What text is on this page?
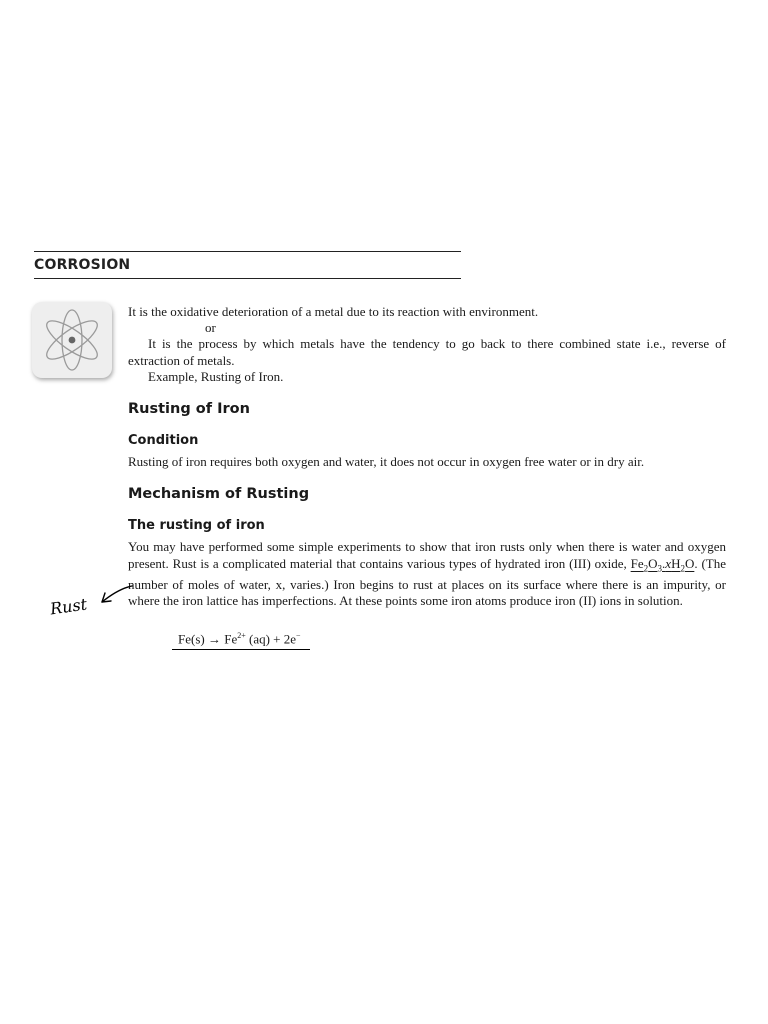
CORROSION
It is the oxidative deterioration of a metal due to its reaction with environment.
or
It is the process by which metals have the tendency to go back to there combined state i.e., reverse of extraction of metals.
Example, Rusting of Iron.
Rusting of Iron
Condition
Rusting of iron requires both oxygen and water, it does not occur in oxygen free water or in dry air.
Mechanism of Rusting
The rusting of iron
You may have performed some simple experiments to show that iron rusts only when there is water and oxygen present. Rust is a complicated material that contains various types of hydrated iron (III) oxide, $Fe_2O_3.xH_2O$. (The number of moles of water, x, varies.) Iron begins to rust at places on its surface where there is an impurity, or where the iron lattice has imperfections. At these points some iron atoms produce iron (II) ions in solution.
$Fe(s) \to Fe^{2+}$ (aq) + 2e−
Rust
